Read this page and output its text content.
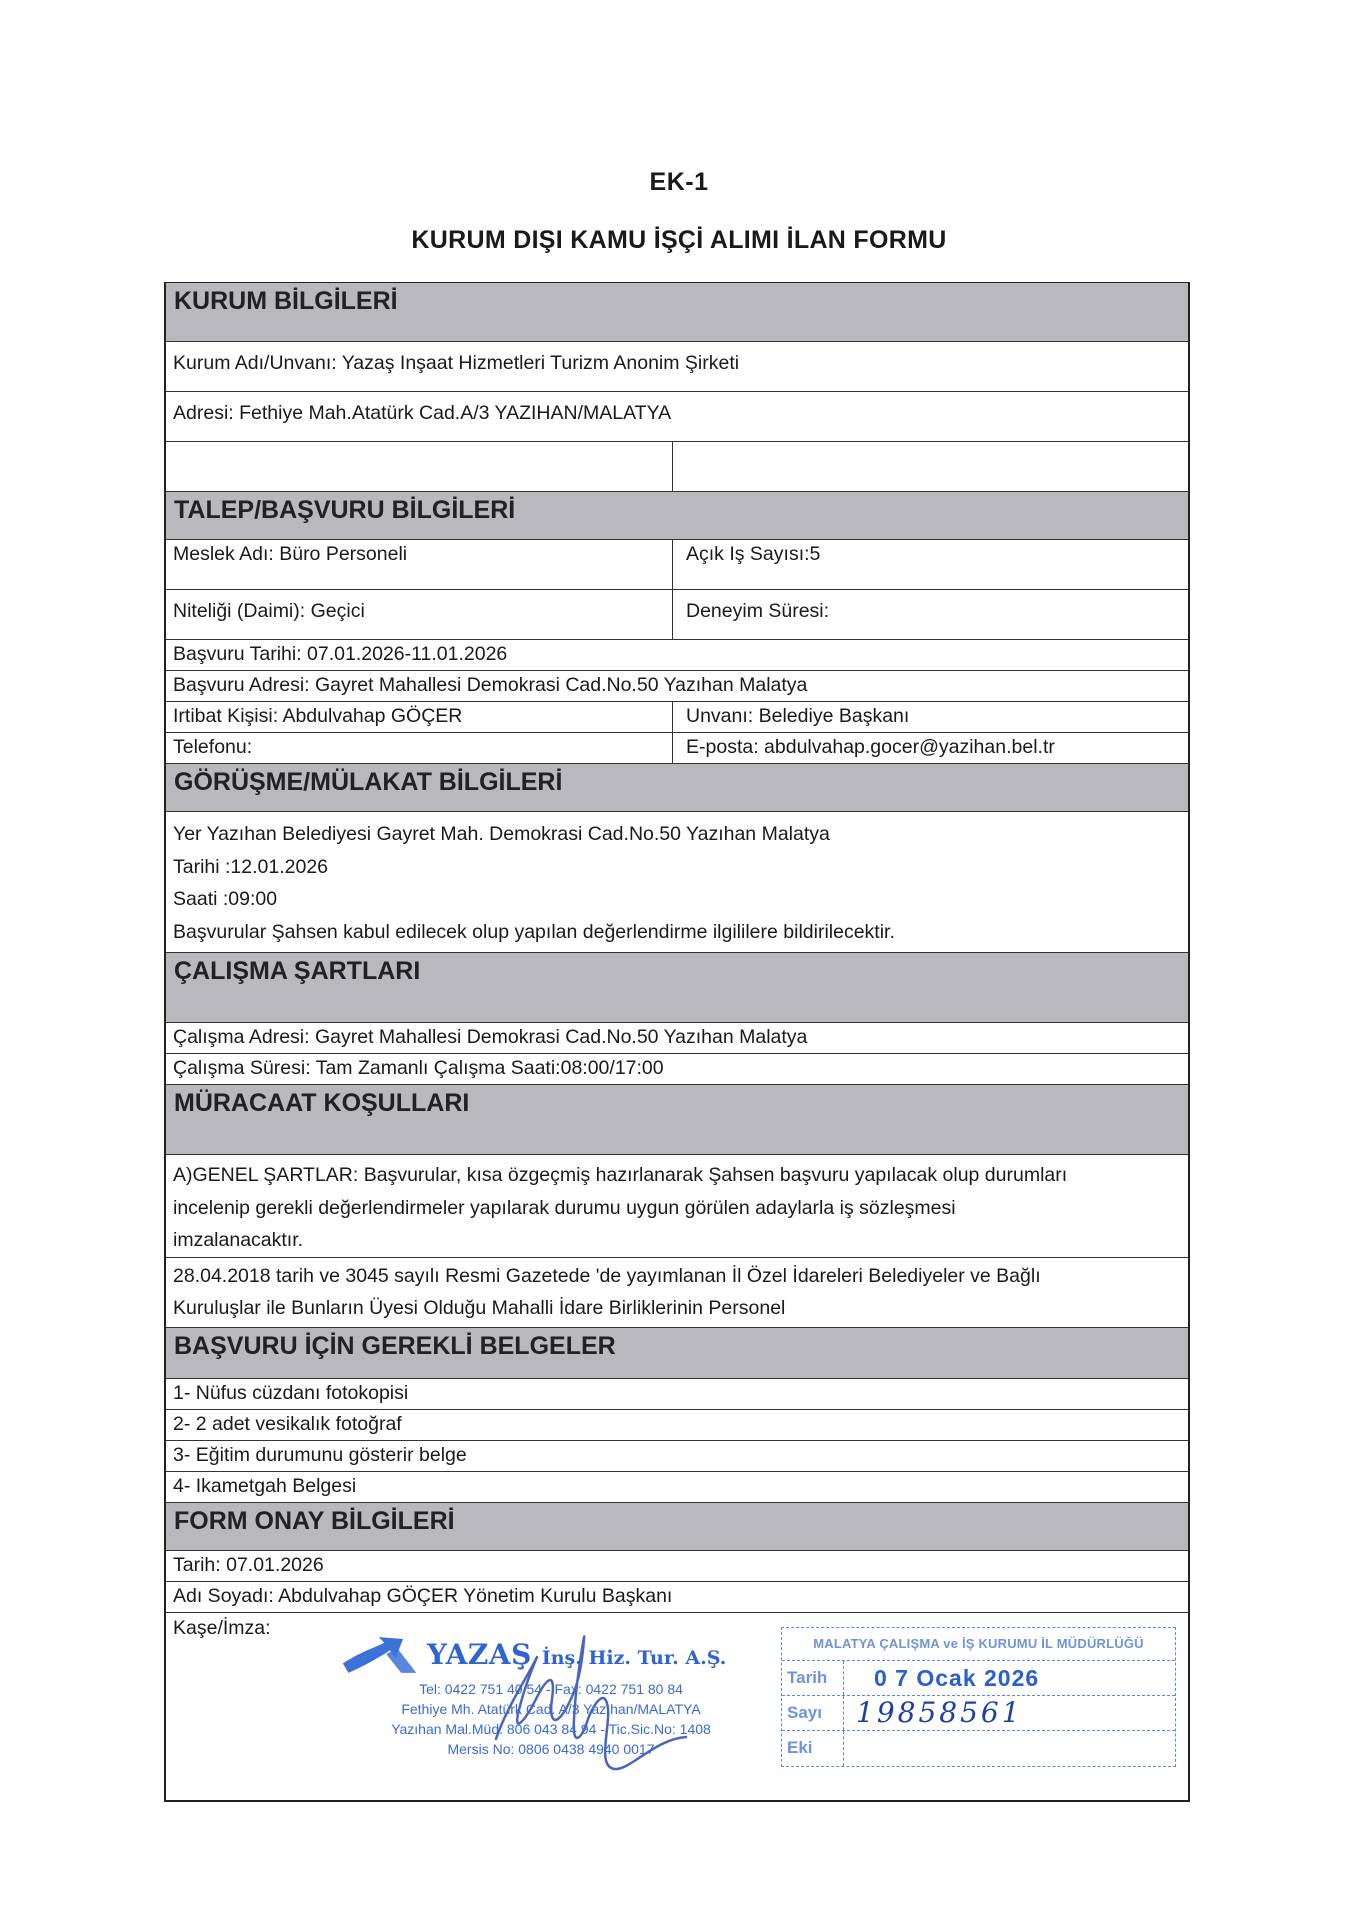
EK-1
KURUM DIŞI KAMU İŞÇİ ALIMI İLAN FORMU
KURUM BİLGİLERİ
Kurum Adı/Unvanı: Yazaş Inşaat Hizmetleri Turizm Anonim Şirketi
Adresi: Fethiye Mah.Atatürk Cad.A/3 YAZIHAN/MALATYA
TALEP/BAŞVURU BİLGİLERİ
Meslek Adı: Büro Personeli	Açık Iş Sayısı:5
Niteliği (Daimi): Geçici	Deneyim Süresi:
Başvuru Tarihi: 07.01.2026-11.01.2026
Başvuru Adresi: Gayret Mahallesi Demokrasi Cad.No.50 Yazıhan Malatya
Irtibat Kişisi: Abdulvahap GÖÇER	Unvanı: Belediye Başkanı
Telefonu:	E-posta: abdulvahap.gocer@yazihan.bel.tr
GÖRÜŞME/MÜLAKAT BİLGİLERİ
Yer Yazıhan Belediyesi Gayret Mah. Demokrasi Cad.No.50 Yazıhan Malatya
Tarihi :12.01.2026
Saati :09:00
Başvurular Şahsen kabul edilecek olup yapılan değerlendirme ilgililere bildirilecektir.
ÇALIŞMA ŞARTLARI
Çalışma Adresi: Gayret Mahallesi Demokrasi Cad.No.50 Yazıhan Malatya
Çalışma Süresi: Tam Zamanlı Çalışma Saati:08:00/17:00
MÜRACAAT KOŞULLARI
A)GENEL ŞARTLAR: Başvurular, kısa özgeçmiş hazırlanarak Şahsen başvuru yapılacak olup durumları
incelenip gerekli değerlendirmeler yapılarak durumu uygun görülen adaylarla iş sözleşmesi
imzalanacaktır.
28.04.2018 tarih ve 3045 sayılı Resmi Gazetede 'de yayımlanan İl Özel İdareleri Belediyeler ve Bağlı
Kuruluşlar ile Bunların Üyesi Olduğu Mahalli İdare Birliklerinin Personel
BAŞVURU İÇİN GEREKLİ BELGELER
1- Nüfus cüzdanı fotokopisi
2- 2 adet vesikalık fotoğraf
3- Eğitim durumunu gösterir belge
4- Ikametgah Belgesi
FORM ONAY BİLGİLERİ
Tarih: 07.01.2026
Adı Soyadı: Abdulvahap GÖÇER Yönetim Kurulu Başkanı
Kaşe/İmza:
YAZAŞ İnş. Hiz. Tur. A.Ş.
Tel: 0422 751 40 54 - Fax: 0422 751 80 84
Fethiye Mh. Atatürk Cad. A/3 Yazıhan/MALATYA
Yazıhan Mal.Müd. 806 043 84 94 - Tic.Sic.No: 1408
Mersis No: 0806 0438 4940 0017
MALATYA ÇALIŞMA ve İŞ KURUMU İL MÜDÜRLÜĞÜ
Tarih	0 7 Ocak 2026
Sayı	19858561
Eki
